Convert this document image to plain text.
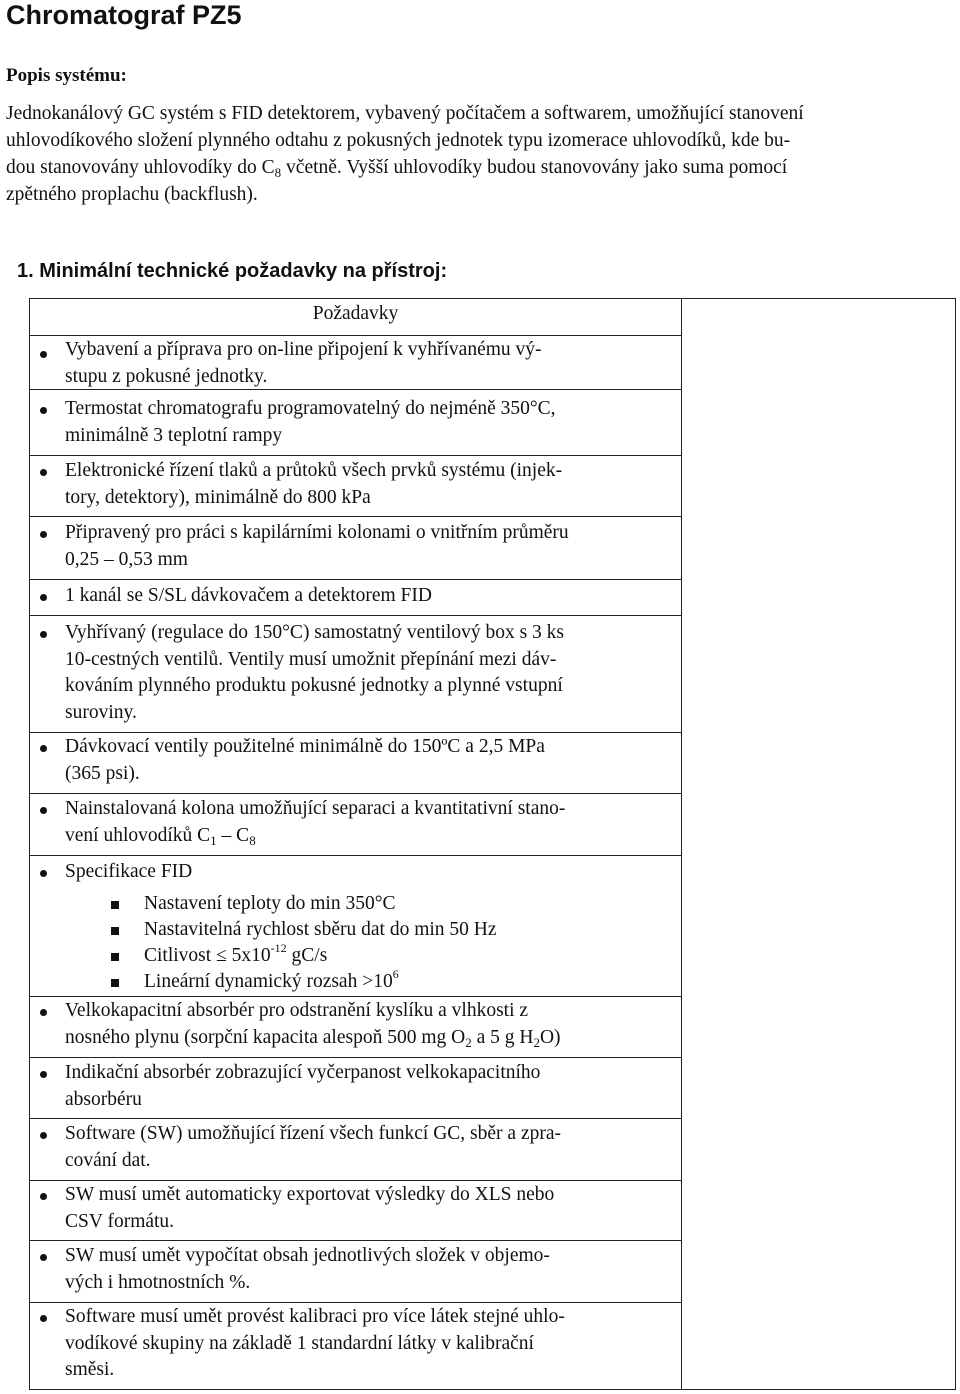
Chromatograf PZ5
Popis systému:
Jednokanálový GC systém s FID detektorem, vybavený počítačem a softwarem, umožňující stanovení
uhlovodíkového složení plynného odtahu z pokusných jednotek typu izomerace uhlovodíků, kde bu-
dou stanovovány uhlovodíky do $C_8$ včetně. Vyšší uhlovodíky budou stanovovány jako suma pomocí
zpětného proplachu (backflush).
1. Minimální technické požadavky na přístroj:
Požadavky
Vybavení a příprava pro on-line připojení k vyhřívanému vý-
stupu z pokusné jednotky.
Termostat chromatografu programovatelný do nejméně 350°C,
minimálně 3 teplotní rampy
Elektronické řízení tlaků a průtoků všech prvků systému (injek-
tory, detektory), minimálně do 800 kPa
Připravený pro práci s kapilárními kolonami o vnitřním průměru
0,25 – 0,53 mm
1 kanál se S/SL dávkovačem a detektorem FID
Vyhřívaný (regulace do 150°C) samostatný ventilový box s 3 ks
10-cestných ventilů. Ventily musí umožnit přepínání mezi dáv-
kováním plynného produktu pokusné jednotky a plynné vstupní
suroviny.
Dávkovací ventily použitelné minimálně do 150ºC a 2,5 MPa
(365 psi).
Nainstalovaná kolona umožňující separaci a kvantitativní stano-
vení uhlovodíků $C_1 - C_8$
Specifikace FID
Nastavení teploty do min 350°C
Nastavitelná rychlost sběru dat do min 50 Hz
Citlivost ≤ $5x10^{-12}$ gC/s
Lineární dynamický rozsah $>10^6$
Velkokapacitní absorbér pro odstranění kyslíku a vlhkosti z
nosného plynu (sorpční kapacita alespoň 500 mg $O_2$ a 5 g $H_2O$)
Indikační absorbér zobrazující vyčerpanost velkokapacitního
absorbéru
Software (SW) umožňující řízení všech funkcí GC, sběr a zpra-
cování dat.
SW musí umět automaticky exportovat výsledky do XLS nebo
CSV formátu.
SW musí umět vypočítat obsah jednotlivých složek v objemo-
vých i hmotnostních %.
Software musí umět provést kalibraci pro více látek stejné uhlo-
vodíkové skupiny na základě 1 standardní látky v kalibrační
směsi.
